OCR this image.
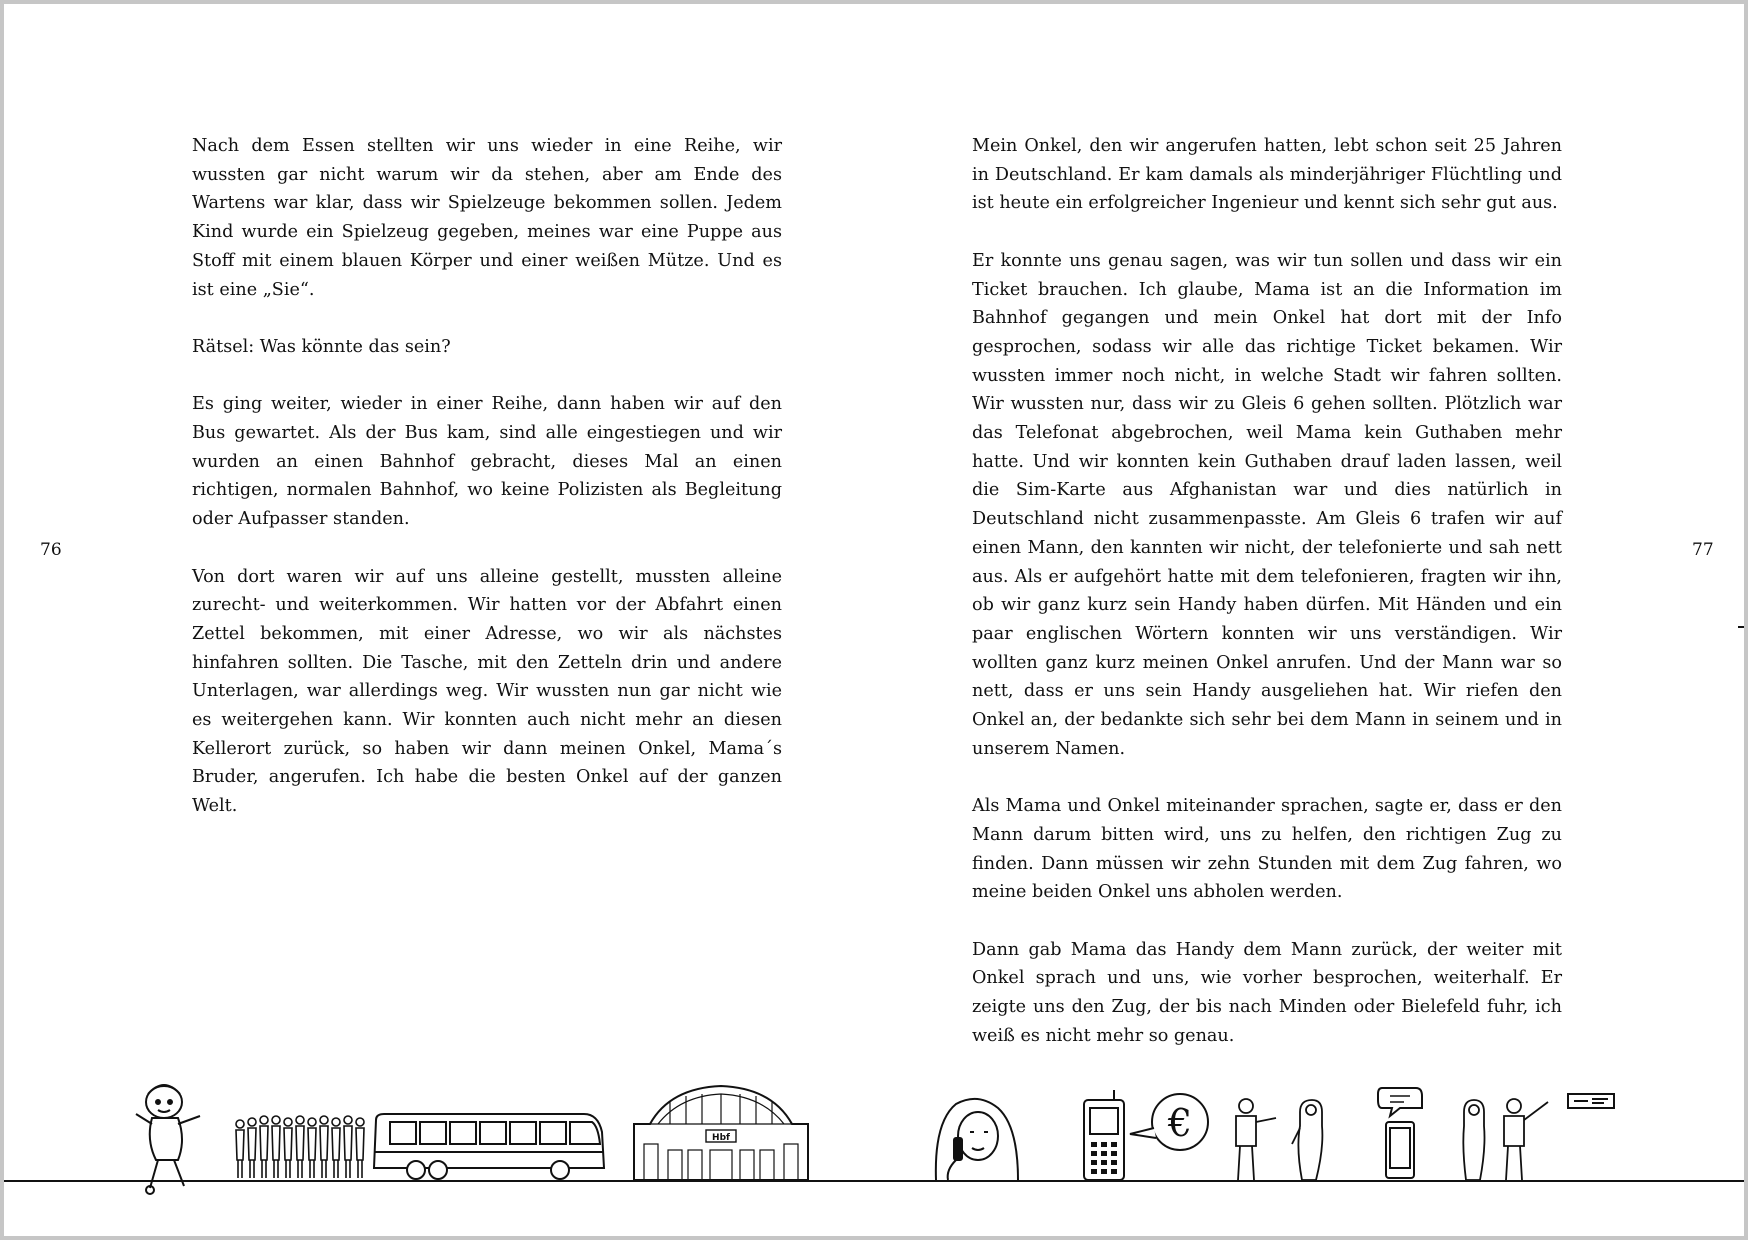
76

Nach dem Essen stellten wir uns wieder in eine Reihe, wir wussten gar nicht warum wir da stehen, aber am Ende des Wartens war klar, dass wir Spielzeuge bekommen sollen. Jedem Kind wurde ein Spielzeug gegeben, meines war eine Puppe aus Stoff mit einem blauen Körper und einer weißen Mütze. Und es ist eine „Sie“.

Rätsel: Was könnte das sein?

Es ging weiter, wieder in einer Reihe, dann haben wir auf den Bus gewartet. Als der Bus kam, sind alle eingestiegen und wir wurden an einen Bahnhof gebracht, dieses Mal an einen richtigen, normalen Bahnhof, wo keine Polizisten als Begleitung oder Aufpasser standen.

Von dort waren wir auf uns alleine gestellt, mussten alleine zurecht- und weiterkommen. Wir hatten vor der Abfahrt einen Zettel bekommen, mit einer Adresse, wo wir als nächstes hinfahren sollten. Die Tasche, mit den Zetteln drin und andere Unterlagen, war allerdings weg. Wir wussten nun gar nicht wie es weitergehen kann. Wir konnten auch nicht mehr an diesen Kellerort zurück, so haben wir dann meinen Onkel, Mama´s Bruder, angerufen. Ich habe die besten Onkel auf der ganzen Welt.

77

Mein Onkel, den wir angerufen hatten, lebt schon seit 25 Jahren in Deutschland. Er kam damals als minderjähriger Flüchtling und ist heute ein erfolgreicher Ingenieur und kennt sich sehr gut aus.

Er konnte uns genau sagen, was wir tun sollen und dass wir ein Ticket brauchen. Ich glaube, Mama ist an die Information im Bahnhof gegangen und mein Onkel hat dort mit der Info gesprochen, sodass wir alle das richtige Ticket bekamen. Wir wussten immer noch nicht, in welche Stadt wir fahren sollten. Wir wussten nur, dass wir zu Gleis 6 gehen sollten. Plötzlich war das Telefonat abgebrochen, weil Mama kein Guthaben mehr hatte. Und wir konnten kein Guthaben drauf laden lassen, weil die Sim-Karte aus Afghanistan war und dies natürlich in Deutschland nicht zusammenpasste. Am Gleis 6 trafen wir auf einen Mann, den kannten wir nicht, der telefonierte und sah nett aus. Als er aufgehört hatte mit dem telefonieren, fragten wir ihn, ob wir ganz kurz sein Handy haben dürfen. Mit Händen und ein paar englischen Wörtern konnten wir uns verständigen. Wir wollten ganz kurz meinen Onkel anrufen. Und der Mann war so nett, dass er uns sein Handy ausgeliehen hat. Wir riefen den Onkel an, der bedankte sich sehr bei dem Mann in seinem und in unserem Namen.

Als Mama und Onkel miteinander sprachen, sagte er, dass er den Mann darum bitten wird, uns zu helfen, den richtigen Zug zu finden. Dann müssen wir zehn Stunden mit dem Zug fahren, wo meine beiden Onkel uns abholen werden.

Dann gab Mama das Handy dem Mann zurück, der weiter mit Onkel sprach und uns, wie vorher besprochen, weiterhalf. Er zeigte uns den Zug, der bis nach Minden oder Bielefeld fuhr, ich weiß es nicht mehr so genau.

Hbf	€
